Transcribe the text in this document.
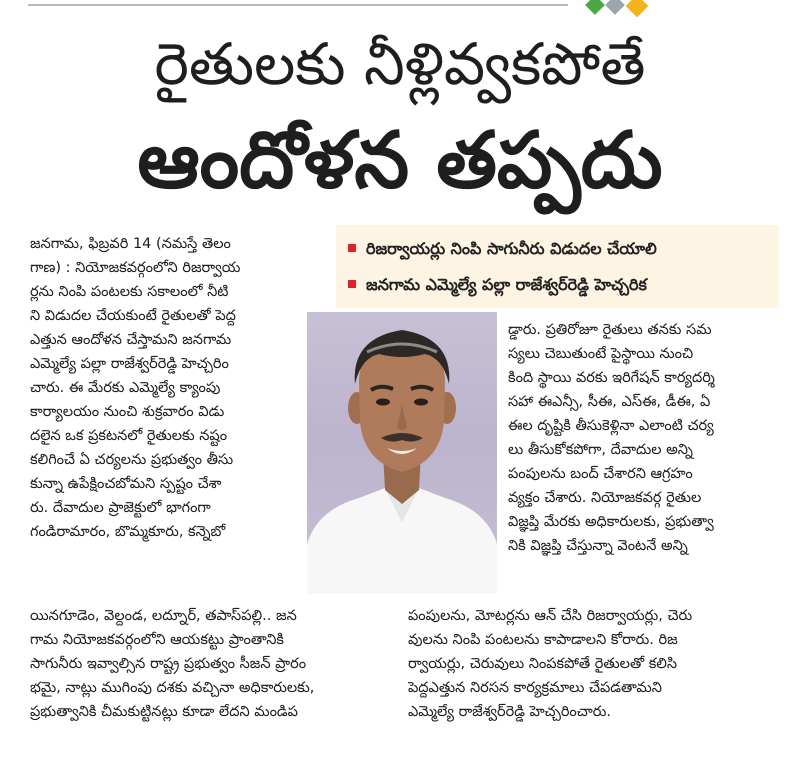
రైతులకు నీళ్లివ్వకపోతే
ఆందోళన తప్పదు
రిజర్వాయర్లు నింపి సాగునీరు విడుదల చేయాలి
జనగామ ఎమ్మెల్యే పల్లా రాజేశ్వర్‌రెడ్డి హెచ్చరిక
జనగామ, ఫిబ్రవరి 14 (నమస్తే తెలం
గాణ) : నియోజకవర్గంలోని రిజర్వాయ
ర్లను నింపి పంటలకు సకాలంలో నీటి
ని విడుదల చేయకుంటే రైతులతో పెద్ద
ఎత్తున ఆందోళన చేస్తామని జనగామ
ఎమ్మెల్యే పల్లా రాజేశ్వర్‌రెడ్డి హెచ్చరిం
చారు. ఈ మేరకు ఎమ్మెల్యే క్యాంపు
కార్యాలయం నుంచి శుక్రవారం విడు
దలైన ఒక ప్రకటనలో రైతులకు నష్టం
కలిగించే ఏ చర్యలను ప్రభుత్వం తీసు
కున్నా ఉపేక్షించబోమని స్పష్టం చేశా
రు. దేవాదుల ప్రాజెక్టులో భాగంగా
గండిరామారం, బొమ్మకూరు, కన్నెబో
డ్డారు. ప్రతిరోజూ రైతులు తనకు సమ
స్యలు చెబుతుంటే పైస్థాయి నుంచి
కింది స్థాయి వరకు ఇరిగేషన్ కార్యదర్శి
సహా ఈఎన్సీ, సీఈ, ఎస్ఈ, డీఈ, ఏ
ఈల దృష్టికి తీసుకెళ్లినా ఎలాంటి చర్య
లు తీసుకోకపోగా, దేవాదుల అన్ని
పంపులను బంద్ చేశారని ఆగ్రహం
వ్యక్తం చేశారు. నియోజకవర్గ రైతుల
విజ్ఞప్తి మేరకు అధికారులకు, ప్రభుత్వా
నికి విజ్ఞప్తి చేస్తున్నా వెంటనే అన్ని
యినగూడెం, వెల్దండ, లద్నూర్, తపాస్‌పల్లి.. జన
గామ నియోజకవర్గంలోని ఆయకట్టు ప్రాంతానికి
సాగునీరు ఇవ్వాల్సిన రాష్ట్ర ప్రభుత్వం సీజన్ ప్రారం
భమై, నాట్లు ముగింపు దశకు వచ్చినా అధికారులకు,
ప్రభుత్వానికి చీమకుట్టినట్లు కూడా లేదని మండిప
పంపులను, మోటర్లను ఆన్ చేసి రిజర్వాయర్లు, చెరు
వులను నింపి పంటలను కాపాడాలని కోరారు. రిజ
ర్వాయర్లు, చెరువులు నింపకపోతే రైతులతో కలిసి
పెద్దఎత్తున నిరసన కార్యక్రమాలు చేపడతామని
ఎమ్మెల్యే రాజేశ్వర్‌రెడ్డి హెచ్చరించారు.
